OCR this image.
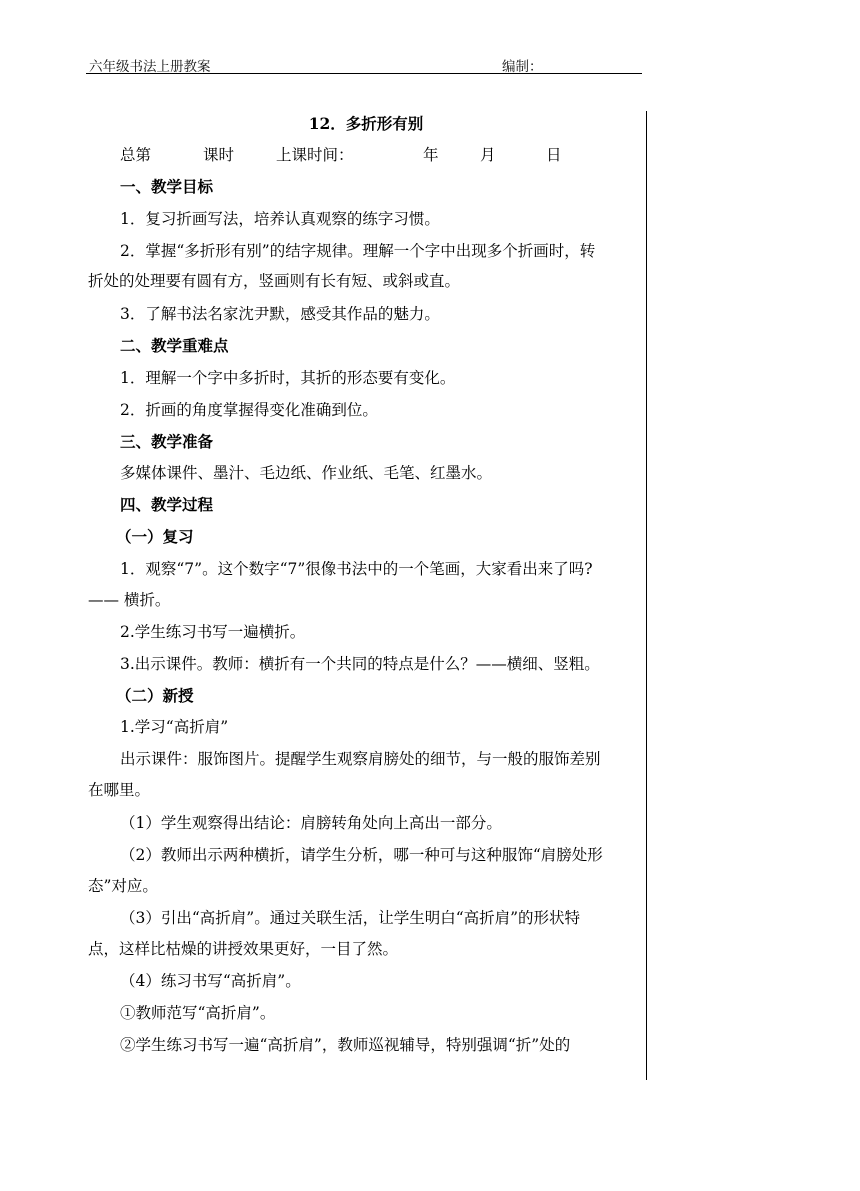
六年级书法上册教案	编制：
12．多折形有别
总第	课时	上课时间：	年	月	日
一、教学目标
1．复习折画写法，培养认真观察的练字习惯。
2．掌握“多折形有别”的结字规律。理解一个字中出现多个折画时，转
折处的处理要有圆有方，竖画则有长有短、或斜或直。
3．了解书法名家沈尹默，感受其作品的魅力。
二、教学重难点
1．理解一个字中多折时，其折的形态要有变化。
2．折画的角度掌握得变化准确到位。
三、教学准备
多媒体课件、墨汁、毛边纸、作业纸、毛笔、红墨水。
四、教学过程
（一）复习
1．观察“7”。这个数字“7”很像书法中的一个笔画，大家看出来了吗?
—— 横折。
2.学生练习书写一遍横折。
3.出示课件。教师：横折有一个共同的特点是什么？——横细、竖粗。
（二）新授
1.学习“高折肩”
出示课件：服饰图片。提醒学生观察肩膀处的细节，与一般的服饰差别
在哪里。
（1）学生观察得出结论：肩膀转角处向上高出一部分。
（2）教师出示两种横折，请学生分析，哪一种可与这种服饰“肩膀处形
态”对应。
（3）引出“高折肩”。通过关联生活，让学生明白“高折肩”的形状特
点，这样比枯燥的讲授效果更好，一目了然。
（4）练习书写“高折肩”。
①教师范写“高折肩”。
②学生练习书写一遍“高折肩”，教师巡视辅导，特别强调“折”处的
